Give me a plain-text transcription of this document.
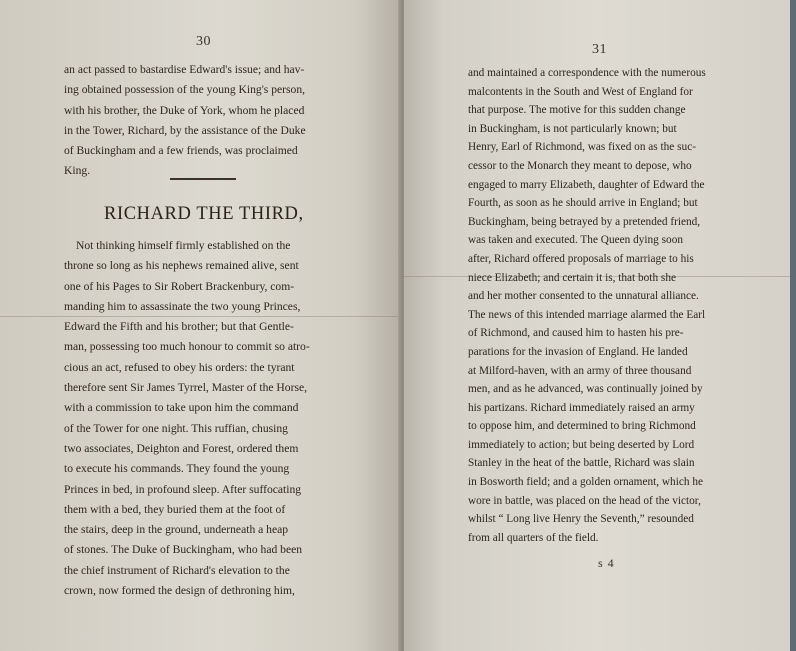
30
an act passed to bastardise Edward's issue; and hav-
ing obtained possession of the young King's person,
with his brother, the Duke of York, whom he placed
in the Tower, Richard, by the assistance of the Duke
of Buckingham and a few friends, was proclaimed
King.
RICHARD THE THIRD,
Not thinking himself firmly established on the
throne so long as his nephews remained alive, sent
one of his Pages to Sir Robert Brackenbury, com-
manding him to assassinate the two young Princes,
Edward the Fifth and his brother; but that Gentle-
man, possessing too much honour to commit so atro-
cious an act, refused to obey his orders: the tyrant
therefore sent Sir James Tyrrel, Master of the Horse,
with a commission to take upon him the command
of the Tower for one night. This ruffian, chusing
two associates, Deighton and Forest, ordered them
to execute his commands. They found the young
Princes in bed, in profound sleep. After suffocating
them with a bed, they buried them at the foot of
the stairs, deep in the ground, underneath a heap
of stones. The Duke of Buckingham, who had been
the chief instrument of Richard's elevation to the
crown, now formed the design of dethroning him,
31
and maintained a correspondence with the numerous
malcontents in the South and West of England for
that purpose. The motive for this sudden change
in Buckingham, is not particularly known; but
Henry, Earl of Richmond, was fixed on as the suc-
cessor to the Monarch they meant to depose, who
engaged to marry Elizabeth, daughter of Edward the
Fourth, as soon as he should arrive in England; but
Buckingham, being betrayed by a pretended friend,
was taken and executed. The Queen dying soon
after, Richard offered proposals of marriage to his
niece Elizabeth; and certain it is, that both she
and her mother consented to the unnatural alliance.
The news of this intended marriage alarmed the Earl
of Richmond, and caused him to hasten his pre-
parations for the invasion of England. He landed
at Milford-haven, with an army of three thousand
men, and as he advanced, was continually joined by
his partizans. Richard immediately raised an army
to oppose him, and determined to bring Richmond
immediately to action; but being deserted by Lord
Stanley in the heat of the battle, Richard was slain
in Bosworth field; and a golden ornament, which he
wore in battle, was placed on the head of the victor,
whilst “ Long live Henry the Seventh,” resounded
from all quarters of the field.
s 4
